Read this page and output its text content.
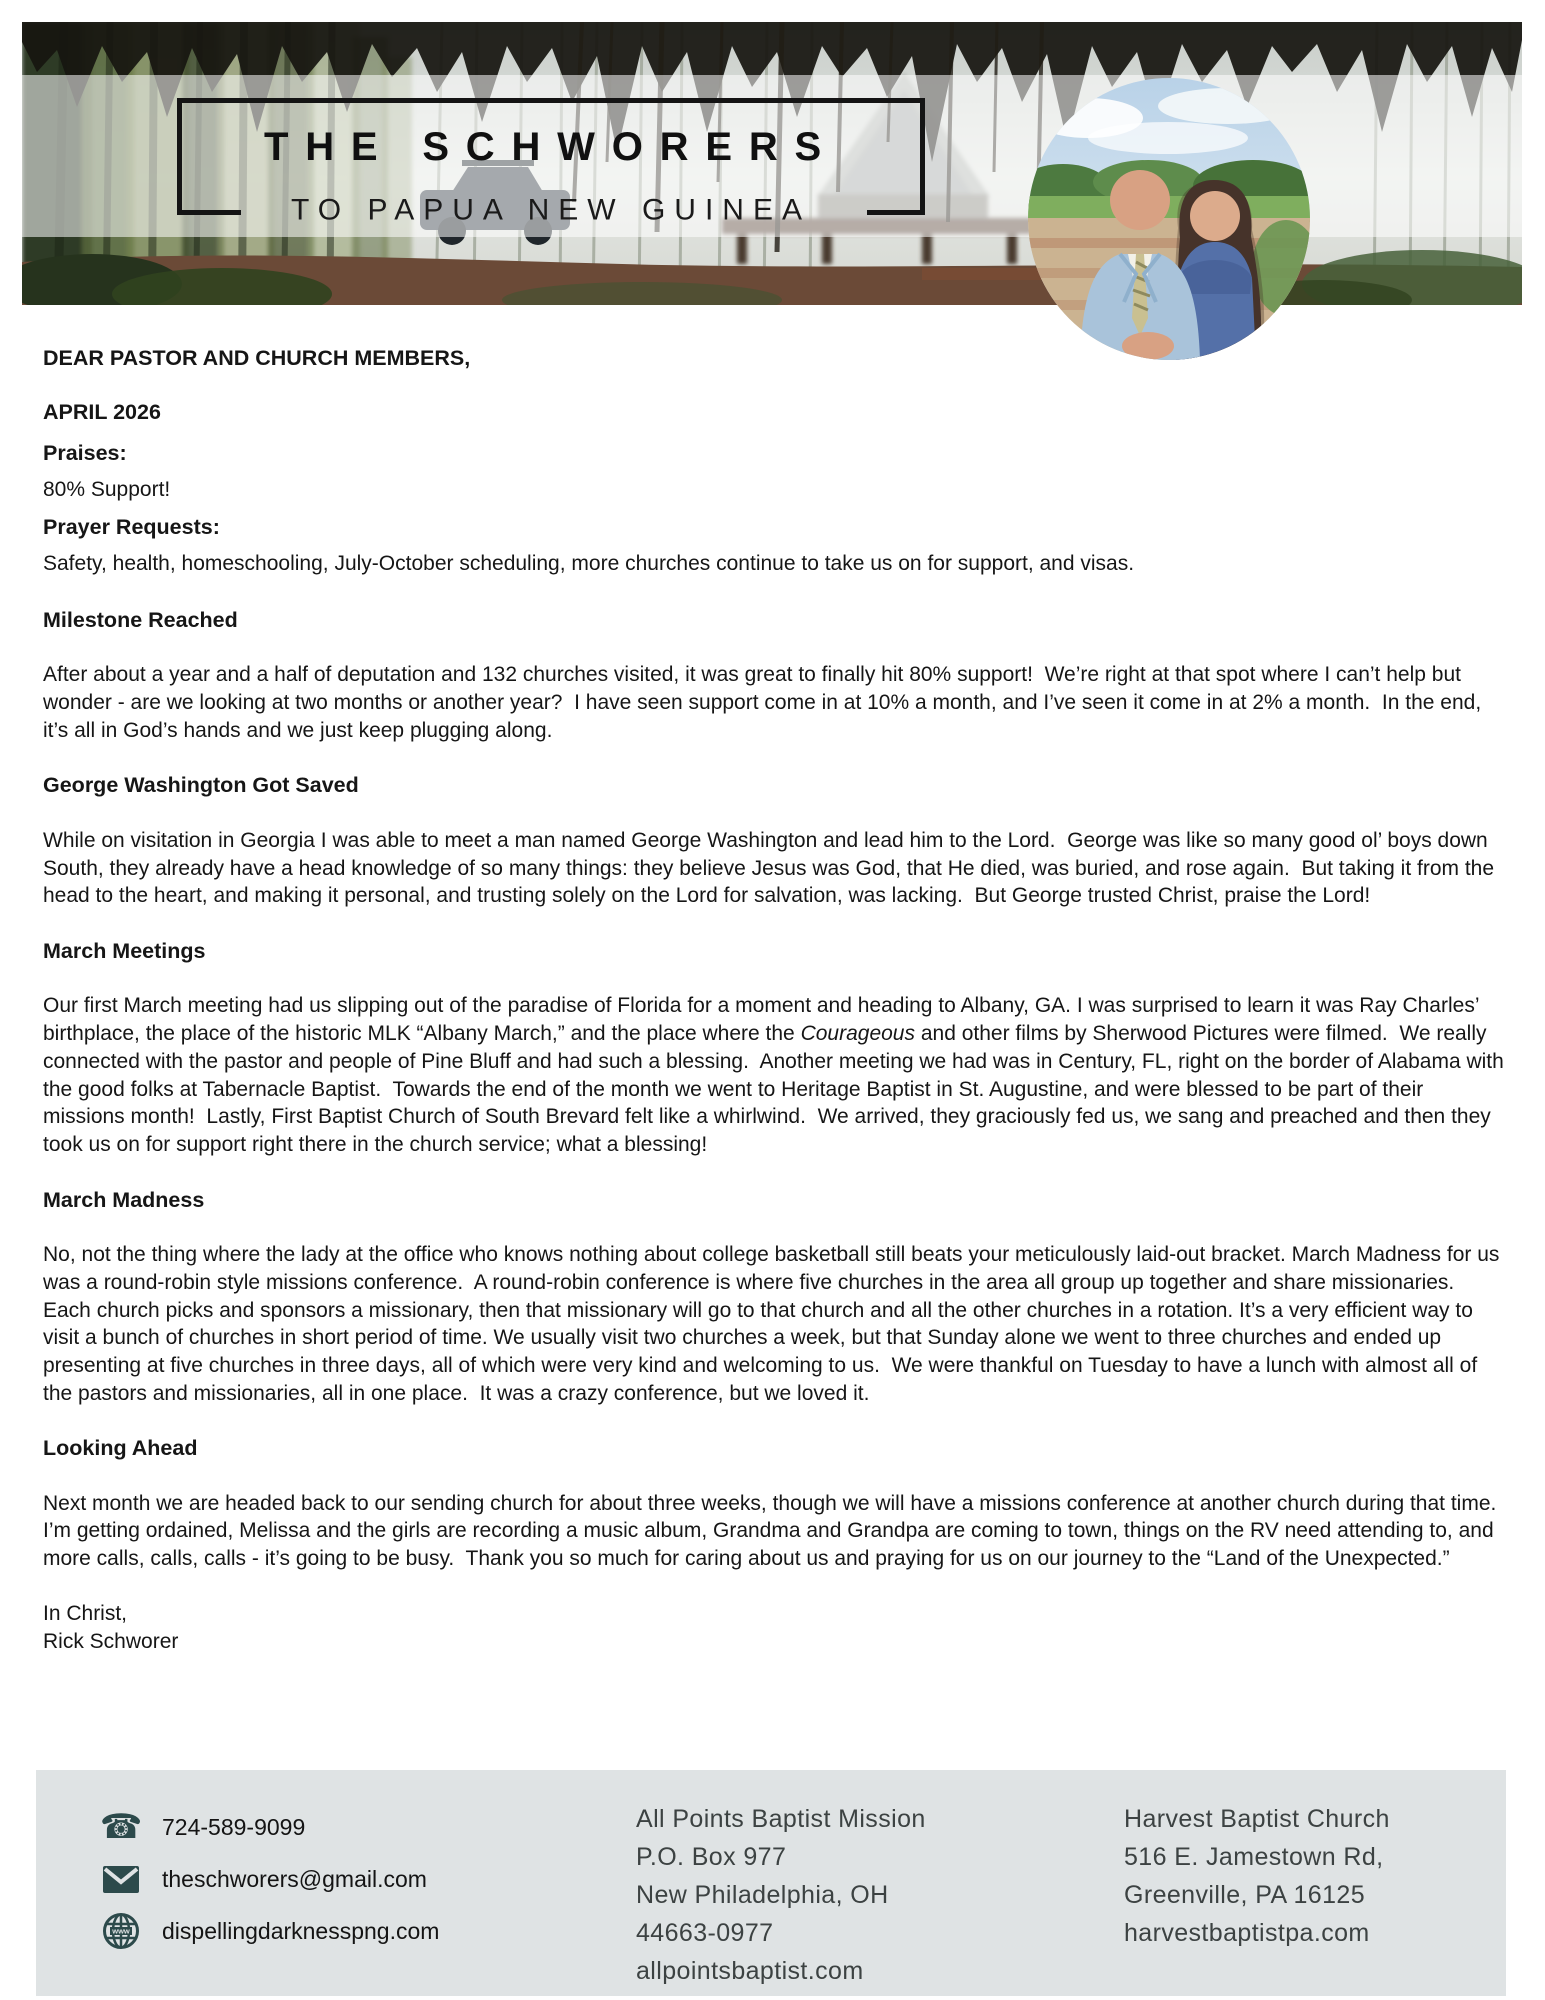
THE SCHWORERS
TO PAPUA NEW GUINEA
DEAR PASTOR AND CHURCH MEMBERS,
APRIL 2026
Praises:
80% Support!
Prayer Requests:
Safety, health, homeschooling, July-October scheduling, more churches continue to take us on for support, and visas.
Milestone Reached

After about a year and a half of deputation and 132 churches visited, it was great to finally hit 80% support!  We’re right at that spot where I can’t help but wonder - are we looking at two months or another year?  I have seen support come in at 10% a month, and I’ve seen it come in at 2% a month.  In the end, it’s all in God’s hands and we just keep plugging along.

George Washington Got Saved

While on visitation in Georgia I was able to meet a man named George Washington and lead him to the Lord.  George was like so many good ol’ boys down South, they already have a head knowledge of so many things: they believe Jesus was God, that He died, was buried, and rose again.  But taking it from the head to the heart, and making it personal, and trusting solely on the Lord for salvation, was lacking.  But George trusted Christ, praise the Lord!

March Meetings

Our first March meeting had us slipping out of the paradise of Florida for a moment and heading to Albany, GA. I was surprised to learn it was Ray Charles’ birthplace, the place of the historic MLK “Albany March,” and the place where the Courageous and other films by Sherwood Pictures were filmed.  We really connected with the pastor and people of Pine Bluff and had such a blessing.  Another meeting we had was in Century, FL, right on the border of Alabama with the good folks at Tabernacle Baptist.  Towards the end of the month we went to Heritage Baptist in St. Augustine, and were blessed to be part of their missions month!  Lastly, First Baptist Church of South Brevard felt like a whirlwind.  We arrived, they graciously fed us, we sang and preached and then they took us on for support right there in the church service; what a blessing!

March Madness

No, not the thing where the lady at the office who knows nothing about college basketball still beats your meticulously laid-out bracket. March Madness for us was a round-robin style missions conference.  A round-robin conference is where five churches in the area all group up together and share missionaries.  Each church picks and sponsors a missionary, then that missionary will go to that church and all the other churches in a rotation. It’s a very efficient way to visit a bunch of churches in short period of time. We usually visit two churches a week, but that Sunday alone we went to three churches and ended up presenting at five churches in three days, all of which were very kind and welcoming to us.  We were thankful on Tuesday to have a lunch with almost all of the pastors and missionaries, all in one place.  It was a crazy conference, but we loved it.

Looking Ahead

Next month we are headed back to our sending church for about three weeks, though we will have a missions conference at another church during that time. I’m getting ordained, Melissa and the girls are recording a music album, Grandma and Grandpa are coming to town, things on the RV need attending to, and more calls, calls, calls - it’s going to be busy.  Thank you so much for caring about us and praying for us on our journey to the “Land of the Unexpected.”

In Christ,
Rick Schworer
☎ 724-589-9099
theschworers@gmail.com
www dispellingdarknesspng.com
All Points Baptist Mission
P.O. Box 977
New Philadelphia, OH
44663-0977
allpointsbaptist.com
Harvest Baptist Church
516 E. Jamestown Rd,
Greenville, PA 16125
harvestbaptistpa.com
